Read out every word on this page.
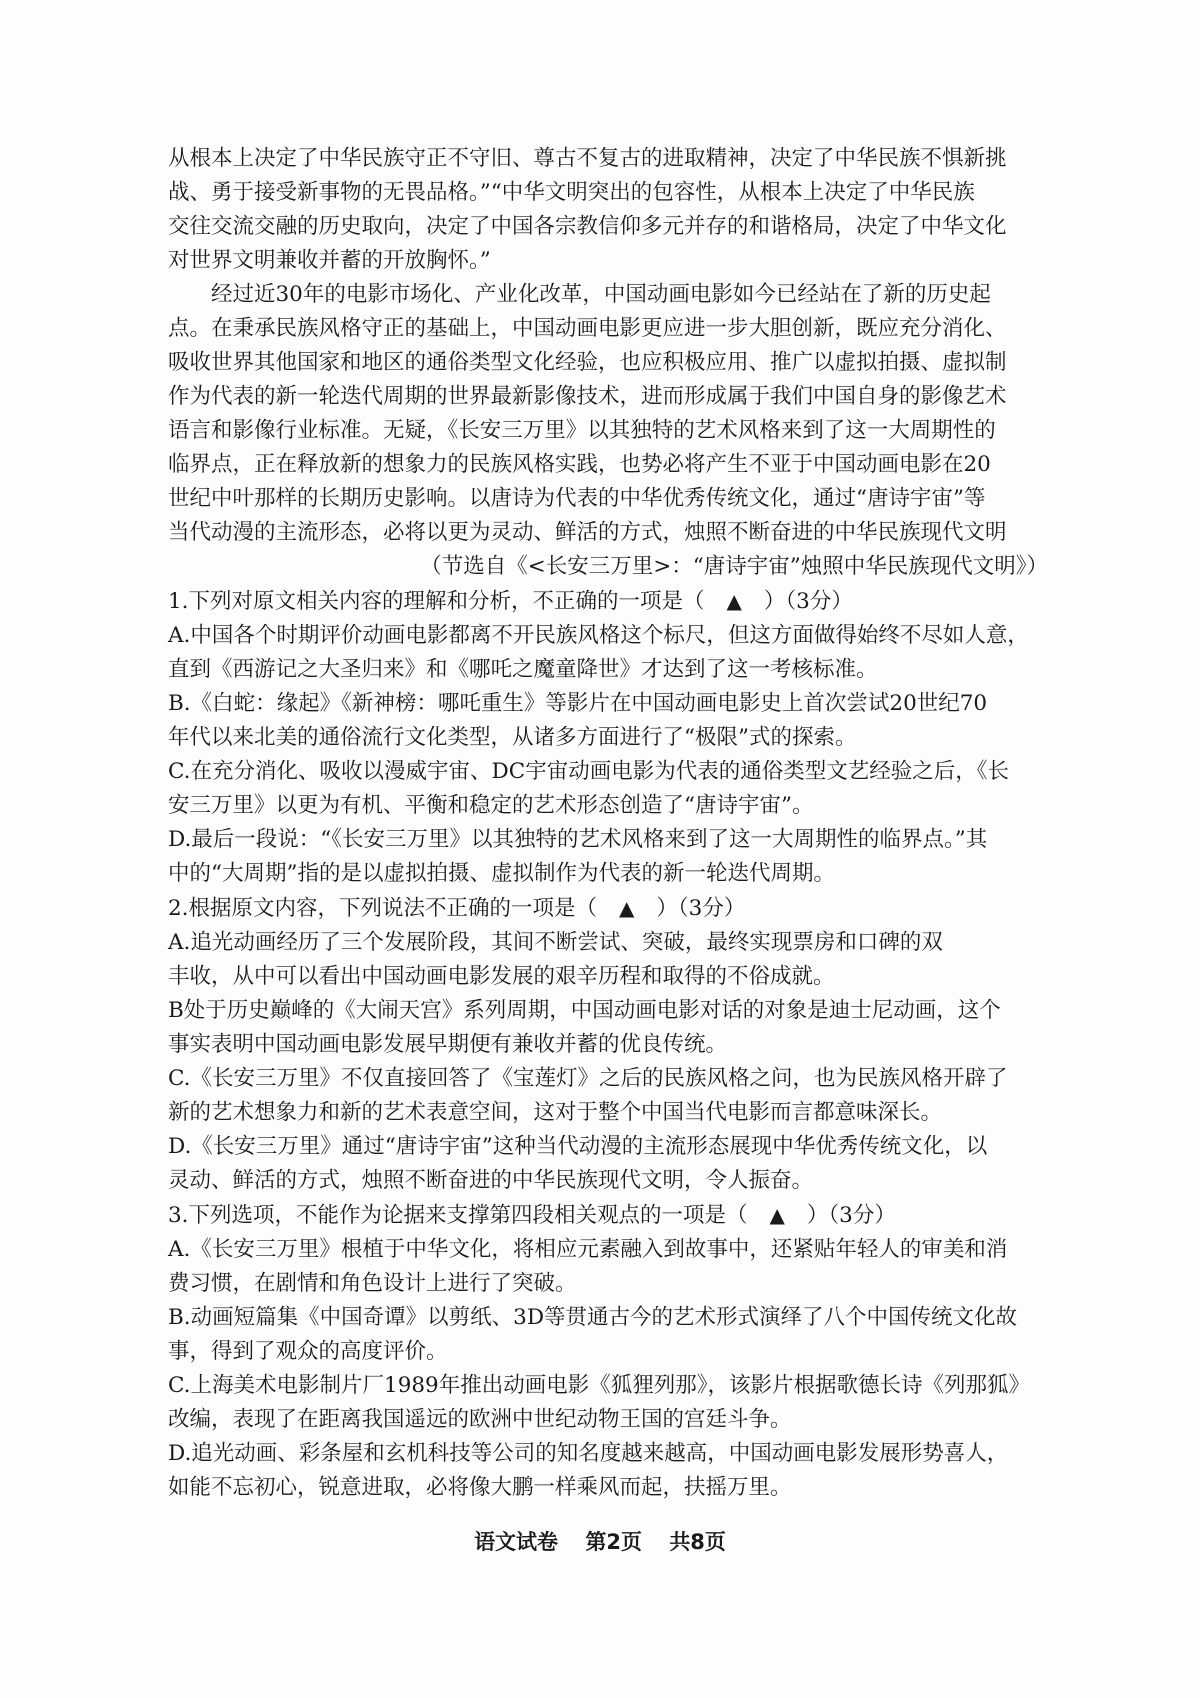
从根本上决定了中华民族守正不守旧、尊古不复古的进取精神，决定了中华民族不惧新挑
战、勇于接受新事物的无畏品格。”“中华文明突出的包容性，从根本上决定了中华民族
交往交流交融的历史取向，决定了中国各宗教信仰多元并存的和谐格局，决定了中华文化
对世界文明兼收并蓄的开放胸怀。”
经过近30年的电影市场化、产业化改革，中国动画电影如今已经站在了新的历史起
点。在秉承民族风格守正的基础上，中国动画电影更应进一步大胆创新，既应充分消化、
吸收世界其他国家和地区的通俗类型文化经验，也应积极应用、推广以虚拟拍摄、虚拟制
作为代表的新一轮迭代周期的世界最新影像技术，进而形成属于我们中国自身的影像艺术
语言和影像行业标准。无疑，《长安三万里》以其独特的艺术风格来到了这一大周期性的
临界点，正在释放新的想象力的民族风格实践，也势必将产生不亚于中国动画电影在20
世纪中叶那样的长期历史影响。以唐诗为代表的中华优秀传统文化，通过“唐诗宇宙”等
当代动漫的主流形态，必将以更为灵动、鲜活的方式，烛照不断奋进的中华民族现代文明

（节选自《<长安三万里>：“唐诗宇宙”烛照中华民族现代文明》）

1.下列对原文相关内容的理解和分析，不正确的一项是（ ▲ ）（3分）

A.中国各个时期评价动画电影都离不开民族风格这个标尺，但这方面做得始终不尽如人意，
直到《西游记之大圣归来》和《哪吒之魔童降世》才达到了这一考核标准。
B.《白蛇：缘起》《新神榜：哪吒重生》等影片在中国动画电影史上首次尝试20世纪70
年代以来北美的通俗流行文化类型，从诸多方面进行了“极限”式的探索。
C.在充分消化、吸收以漫威宇宙、DC宇宙动画电影为代表的通俗类型文艺经验之后，《长
安三万里》以更为有机、平衡和稳定的艺术形态创造了“唐诗宇宙”。
D.最后一段说：“《长安三万里》以其独特的艺术风格来到了这一大周期性的临界点。”其
中的“大周期”指的是以虚拟拍摄、虚拟制作为代表的新一轮迭代周期。

2.根据原文内容，下列说法不正确的一项是（ ▲ ）（3分）

A.追光动画经历了三个发展阶段，其间不断尝试、突破，最终实现票房和口碑的双
丰收，从中可以看出中国动画电影发展的艰辛历程和取得的不俗成就。
B处于历史巅峰的《大闹天宫》系列周期，中国动画电影对话的对象是迪士尼动画，这个
事实表明中国动画电影发展早期便有兼收并蓄的优良传统。
C.《长安三万里》不仅直接回答了《宝莲灯》之后的民族风格之问，也为民族风格开辟了
新的艺术想象力和新的艺术表意空间，这对于整个中国当代电影而言都意味深长。
D.《长安三万里》通过“唐诗宇宙”这种当代动漫的主流形态展现中华优秀传统文化，以
灵动、鲜活的方式，烛照不断奋进的中华民族现代文明，令人振奋。

3.下列选项，不能作为论据来支撑第四段相关观点的一项是（ ▲ ）（3分）

A.《长安三万里》根植于中华文化，将相应元素融入到故事中，还紧贴年轻人的审美和消
费习惯，在剧情和角色设计上进行了突破。
B.动画短篇集《中国奇谭》以剪纸、3D等贯通古今的艺术形式演绎了八个中国传统文化故
事，得到了观众的高度评价。
C.上海美术电影制片厂1989年推出动画电影《狐狸列那》，该影片根据歌德长诗《列那狐》
改编，表现了在距离我国遥远的欧洲中世纪动物王国的宫廷斗争。
D.追光动画、彩条屋和玄机科技等公司的知名度越来越高，中国动画电影发展形势喜人，
如能不忘初心，锐意进取，必将像大鹏一样乘风而起，扶摇万里。
语文试卷 第2页 共8页
